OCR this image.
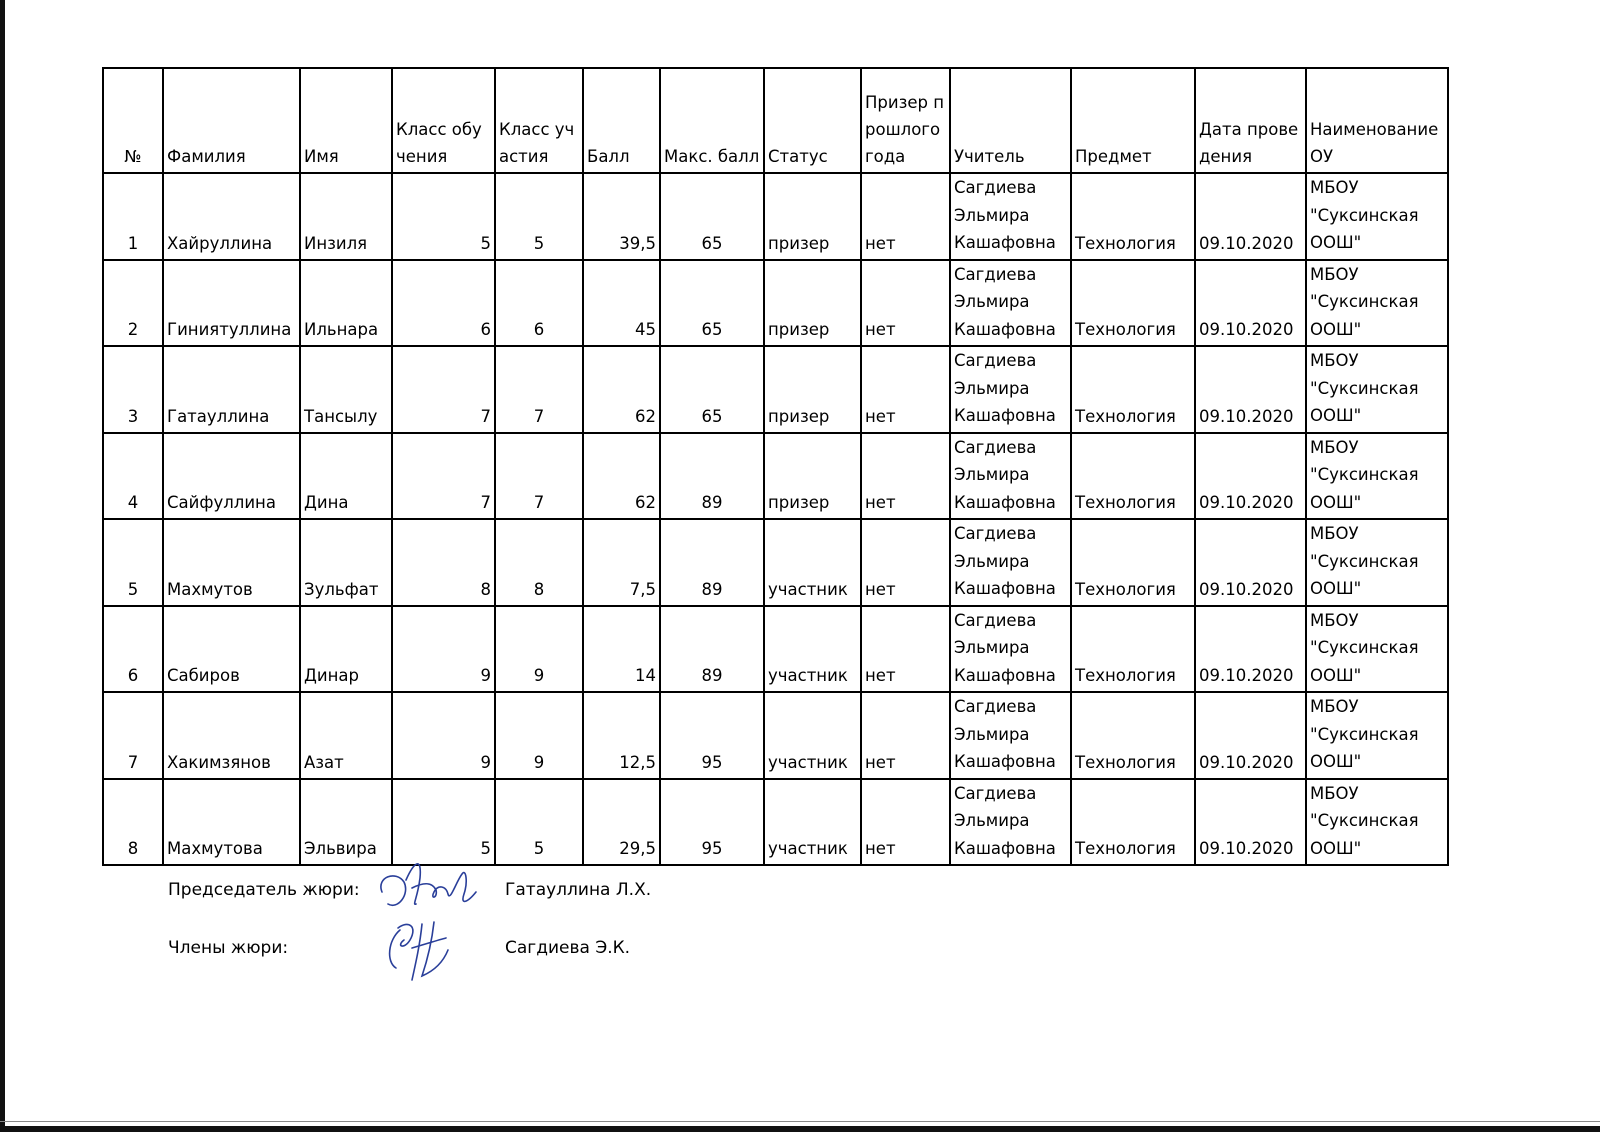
№	Фамилия	Имя	Класс обучения	Класс участия	Балл	Макс. балл	Статус	Призер прошлого года	Учитель	Предмет	Дата проведения	Наименование ОУ
1	Хайруллина	Инзиля	5	5	39,5	65	призер	нет	Сагдиева Эльмира Кашафовна	Технология	09.10.2020	МБОУ "Суксинская ООШ"
2	Гиниятуллина	Ильнара	6	6	45	65	призер	нет	Сагдиева Эльмира Кашафовна	Технология	09.10.2020	МБОУ "Суксинская ООШ"
3	Гатауллина	Тансылу	7	7	62	65	призер	нет	Сагдиева Эльмира Кашафовна	Технология	09.10.2020	МБОУ "Суксинская ООШ"
4	Сайфуллина	Дина	7	7	62	89	призер	нет	Сагдиева Эльмира Кашафовна	Технология	09.10.2020	МБОУ "Суксинская ООШ"
5	Махмутов	Зульфат	8	8	7,5	89	участник	нет	Сагдиева Эльмира Кашафовна	Технология	09.10.2020	МБОУ "Суксинская ООШ"
6	Сабиров	Динар	9	9	14	89	участник	нет	Сагдиева Эльмира Кашафовна	Технология	09.10.2020	МБОУ "Суксинская ООШ"
7	Хакимзянов	Азат	9	9	12,5	95	участник	нет	Сагдиева Эльмира Кашафовна	Технология	09.10.2020	МБОУ "Суксинская ООШ"
8	Махмутова	Эльвира	5	5	29,5	95	участник	нет	Сагдиева Эльмира Кашафовна	Технология	09.10.2020	МБОУ "Суксинская ООШ"
Председатель жюри:	Гатауллина Л.Х.
Члены жюри:	Сагдиева Э.К.
